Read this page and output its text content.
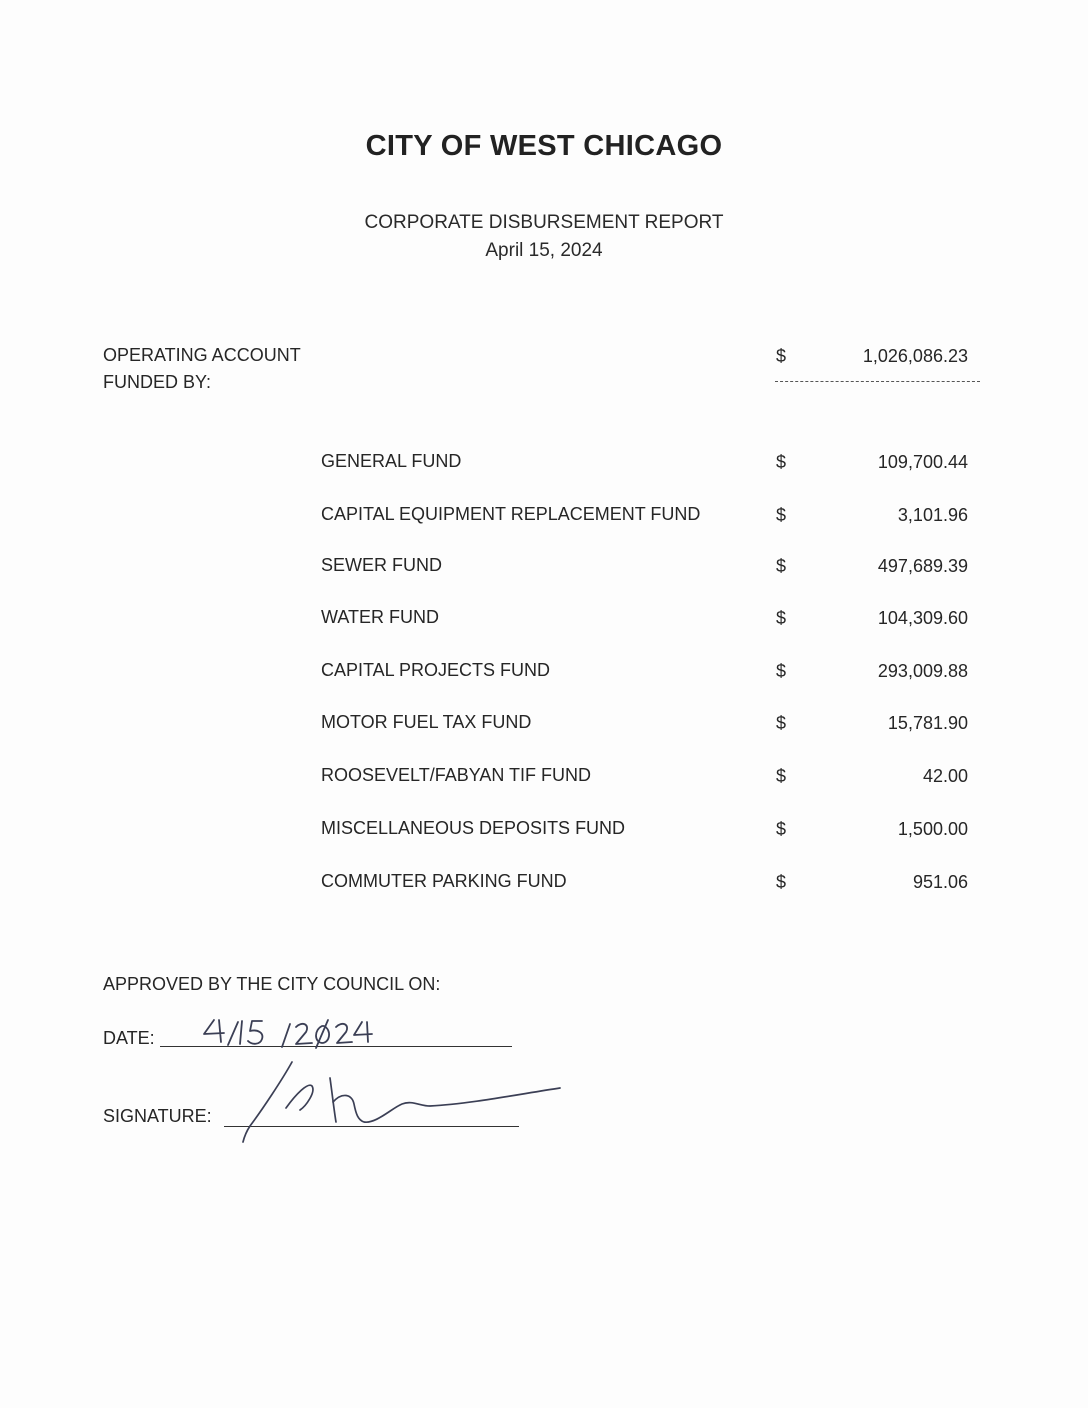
CITY OF WEST CHICAGO
CORPORATE DISBURSEMENT REPORT
April 15, 2024
OPERATING ACCOUNT
FUNDED BY:
$	1,026,086.23
GENERAL FUND	$	109,700.44
CAPITAL EQUIPMENT REPLACEMENT FUND	$	3,101.96
SEWER FUND	$	497,689.39
WATER FUND	$	104,309.60
CAPITAL PROJECTS FUND	$	293,009.88
MOTOR FUEL TAX FUND	$	15,781.90
ROOSEVELT/FABYAN TIF FUND	$	42.00
MISCELLANEOUS DEPOSITS FUND	$	1,500.00
COMMUTER PARKING FUND	$	951.06
APPROVED BY THE CITY COUNCIL ON:
DATE:
SIGNATURE:
